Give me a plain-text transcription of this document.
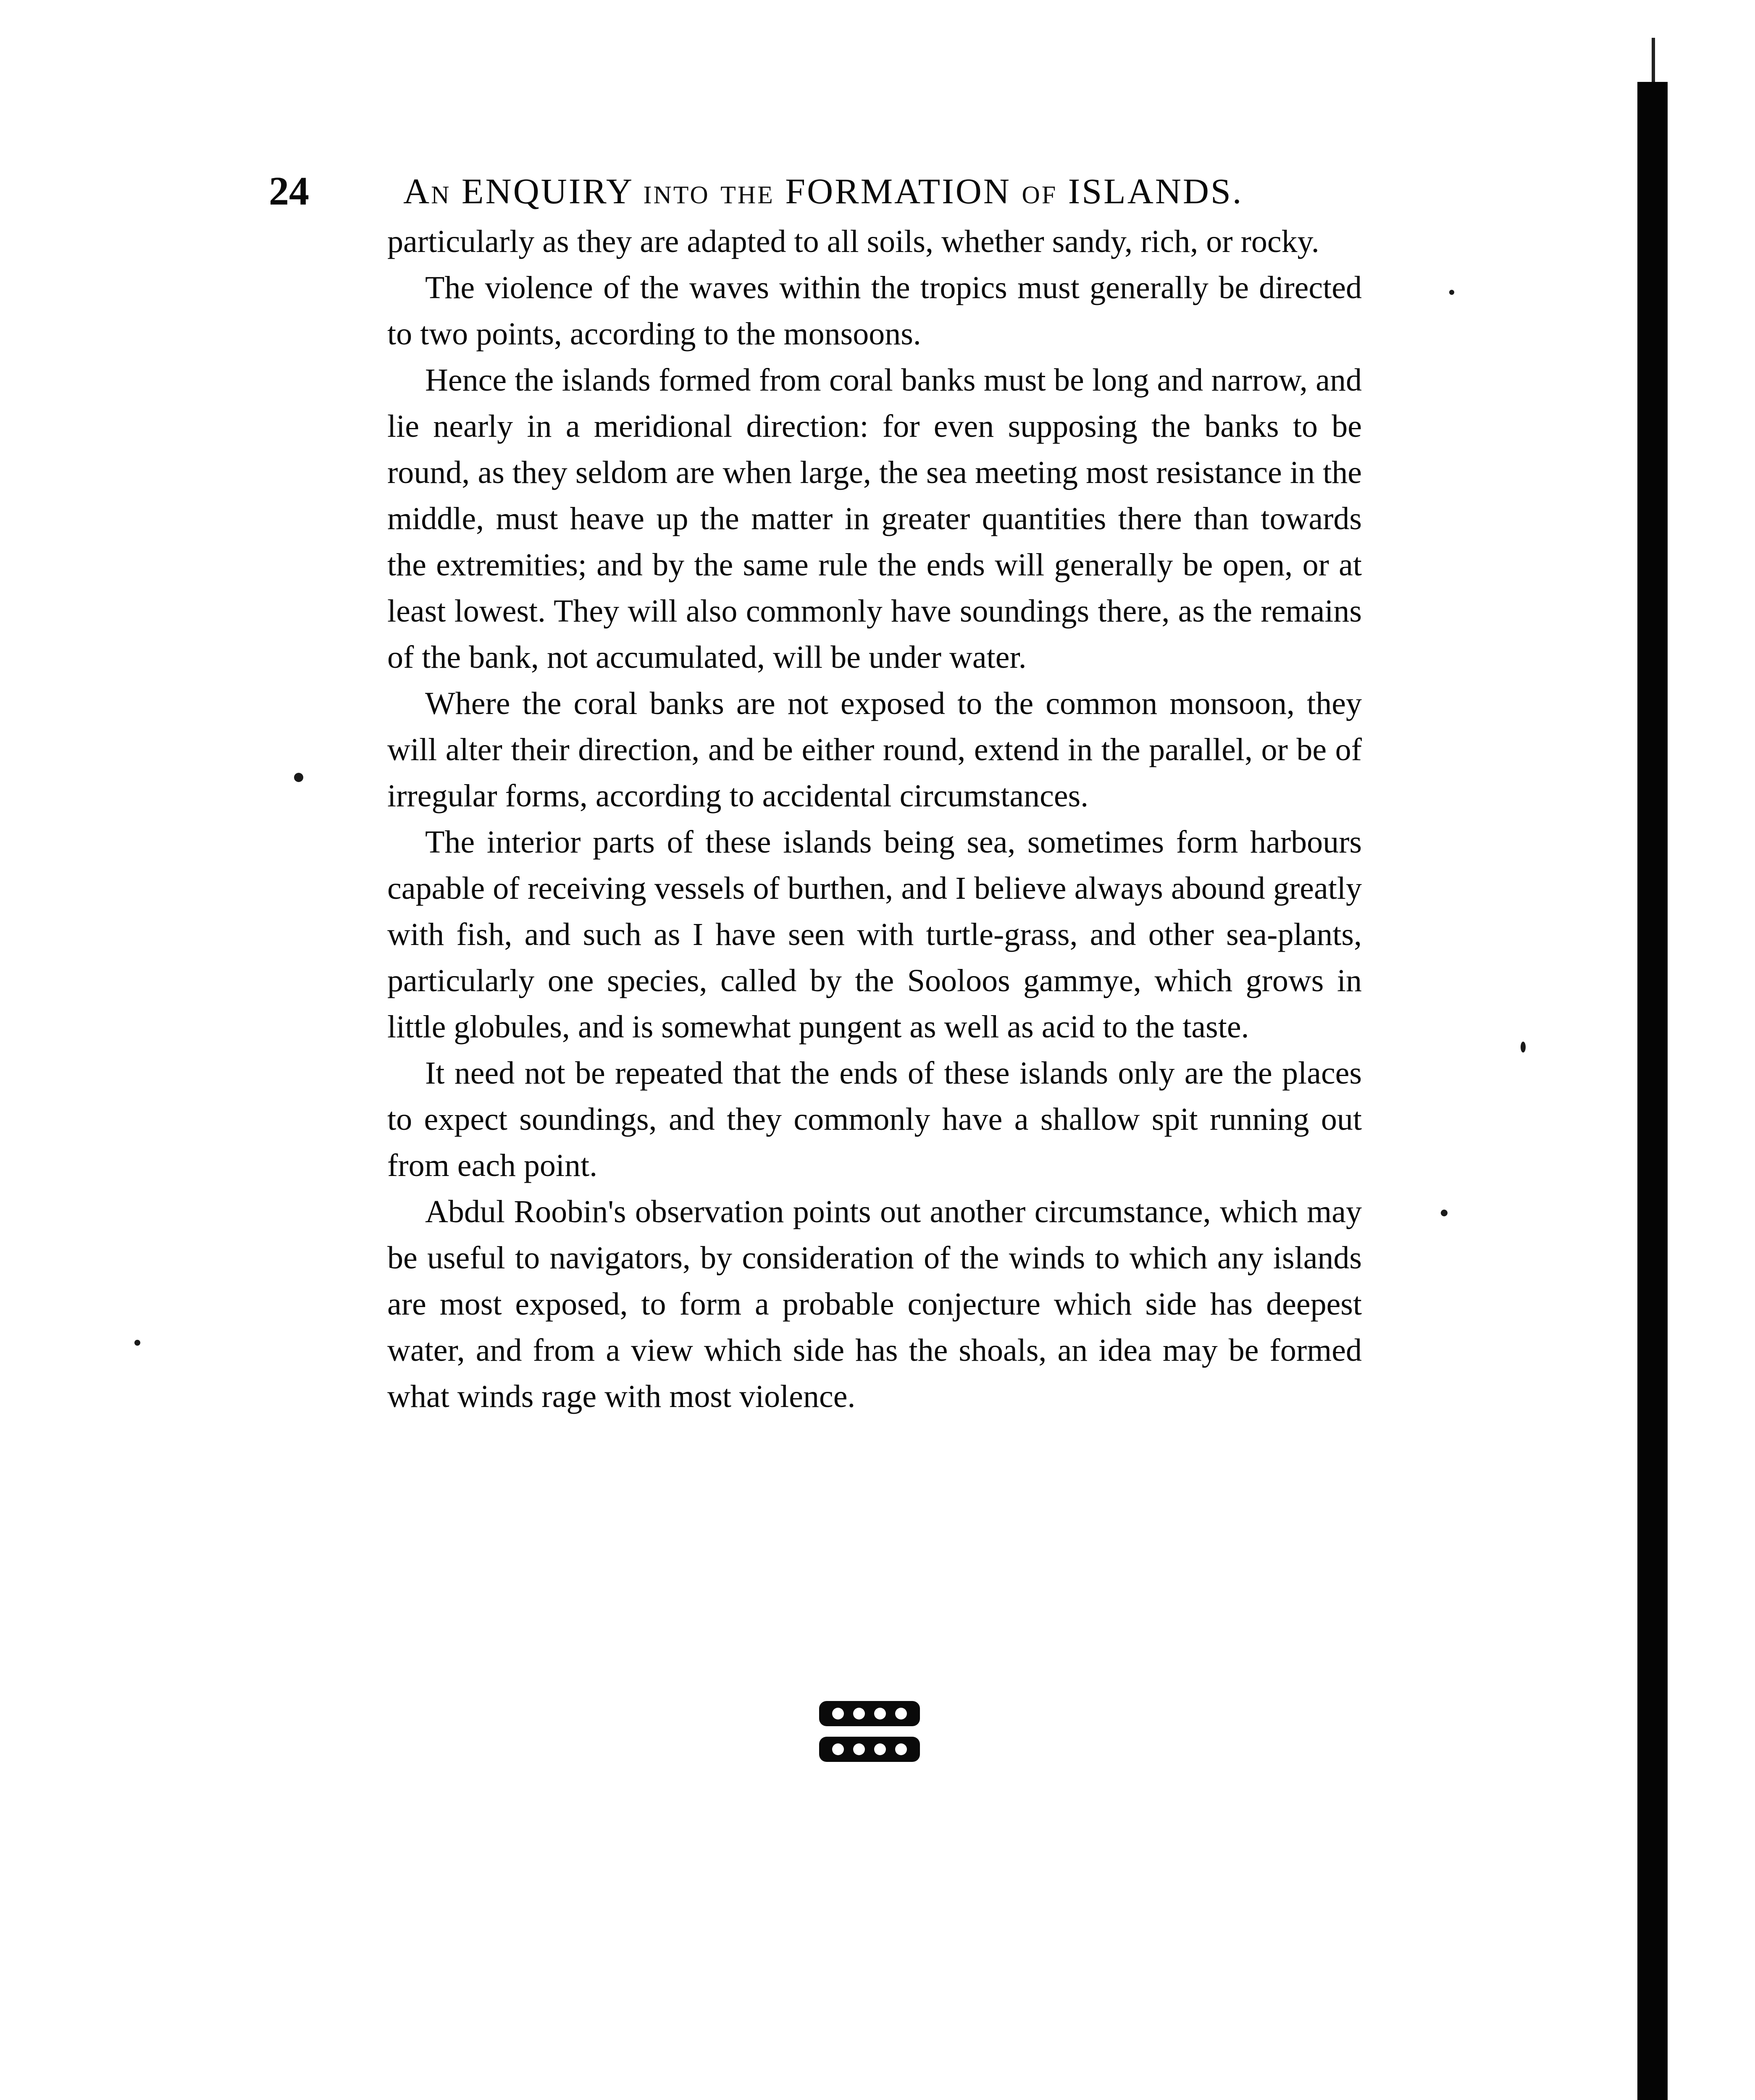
24	An ENQUIRY into the FORMATION of ISLANDS.

particularly as they are adapted to all soils, whether sandy, rich, or rocky.

The violence of the waves within the tropics must generally be directed to two points, according to the monsoons.

Hence the islands formed from coral banks must be long and narrow, and lie nearly in a meridional direction: for even supposing the banks to be round, as they seldom are when large, the sea meeting most resistance in the middle, must heave up the matter in greater quantities there than towards the extremities; and by the same rule the ends will generally be open, or at least lowest. They will also commonly have soundings there, as the remains of the bank, not accumulated, will be under water.

Where the coral banks are not exposed to the common monsoon, they will alter their direction, and be either round, extend in the parallel, or be of irregular forms, according to accidental circumstances.

The interior parts of these islands being sea, sometimes form harbours capable of receiving vessels of burthen, and I believe always abound greatly with fish, and such as I have seen with turtle-grass, and other sea-plants, particularly one species, called by the Sooloos gammye, which grows in little globules, and is somewhat pungent as well as acid to the taste.

It need not be repeated that the ends of these islands only are the places to expect soundings, and they commonly have a shallow spit running out from each point.

Abdul Roobin's observation points out another circumstance, which may be useful to navigators, by consideration of the winds to which any islands are most exposed, to form a probable conjecture which side has deepest water, and from a view which side has the shoals, an idea may be formed what winds rage with most violence.
